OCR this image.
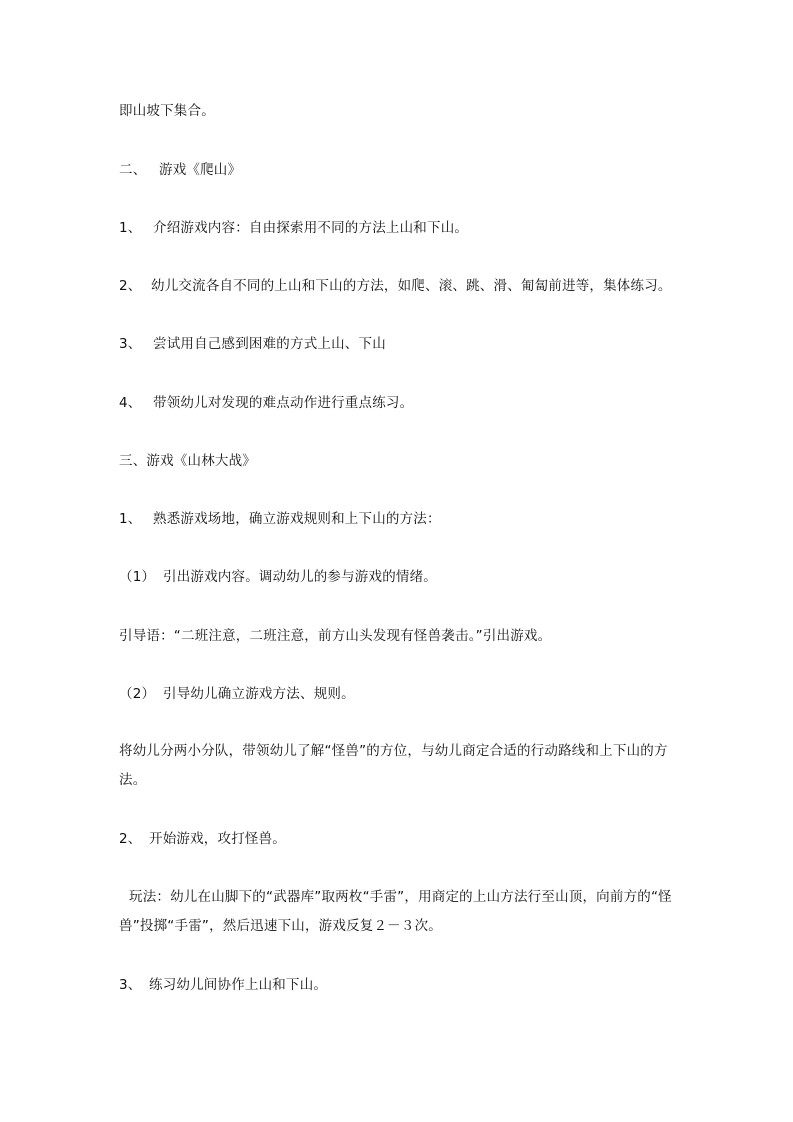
即山坡下集合。
二、 游戏《爬山》
1、 介绍游戏内容：自由探索用不同的方法上山和下山。
2、 幼儿交流各自不同的上山和下山的方法，如爬、滚、跳、滑、匍匐前进等，集体练习。
3、 尝试用自己感到困难的方式上山、下山
4、 带领幼儿对发现的难点动作进行重点练习。
三、游戏《山林大战》
1、 熟悉游戏场地，确立游戏规则和上下山的方法：
（1） 引出游戏内容。调动幼儿的参与游戏的情绪。
引导语：“二班注意，二班注意，前方山头发现有怪兽袭击。”引出游戏。
（2） 引导幼儿确立游戏方法、规则。
将幼儿分两小分队，带领幼儿了解“怪兽”的方位，与幼儿商定合适的行动路线和上下山的方法。
2、 开始游戏，攻打怪兽。
玩法：幼儿在山脚下的“武器库”取两枚“手雷”，用商定的上山方法行至山顶，向前方的“怪兽”投掷“手雷”，然后迅速下山，游戏反复２－３次。
3、 练习幼儿间协作上山和下山。
